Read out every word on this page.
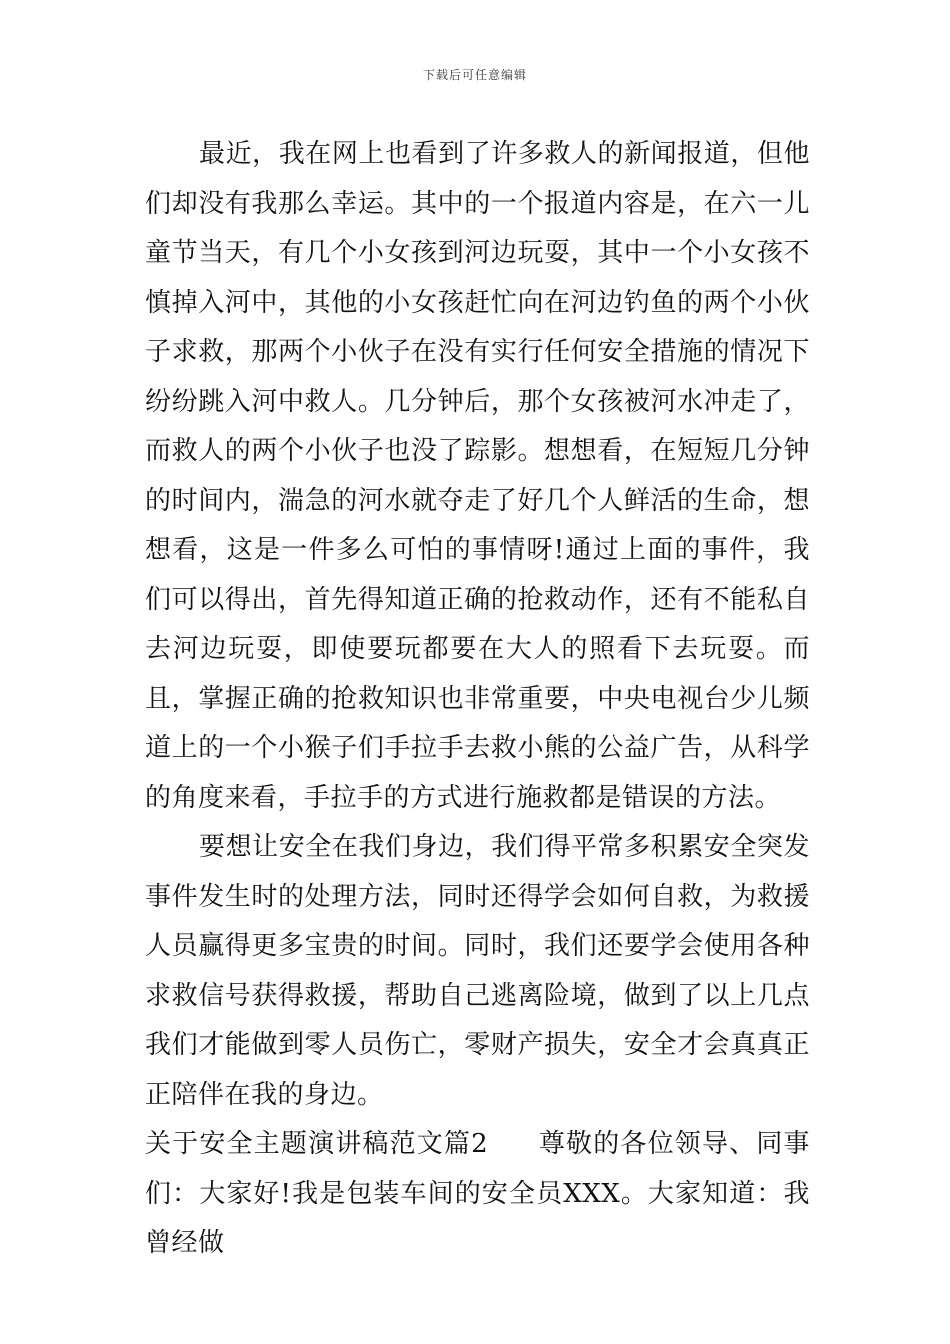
下载后可任意编辑

最近，我在网上也看到了许多救人的新闻报道，但他们却没有我那么幸运。其中的一个报道内容是，在六一儿童节当天，有几个小女孩到河边玩耍，其中一个小女孩不慎掉入河中，其他的小女孩赶忙向在河边钓鱼的两个小伙子求救，那两个小伙子在没有实行任何安全措施的情况下纷纷跳入河中救人。几分钟后，那个女孩被河水冲走了，而救人的两个小伙子也没了踪影。想想看，在短短几分钟的时间内，湍急的河水就夺走了好几个人鲜活的生命，想想看，这是一件多么可怕的事情呀!通过上面的事件，我们可以得出，首先得知道正确的抢救动作，还有不能私自去河边玩耍，即使要玩都要在大人的照看下去玩耍。而且，掌握正确的抢救知识也非常重要，中央电视台少儿频道上的一个小猴子们手拉手去救小熊的公益广告，从科学的角度来看，手拉手的方式进行施救都是错误的方法。

要想让安全在我们身边，我们得平常多积累安全突发事件发生时的处理方法，同时还得学会如何自救，为救援人员赢得更多宝贵的时间。同时，我们还要学会使用各种求救信号获得救援，帮助自己逃离险境，做到了以上几点我们才能做到零人员伤亡，零财产损失，安全才会真真正正陪伴在我的身边。

关于安全主题演讲稿范文篇2 尊敬的各位领导、同事们：大家好!我是包装车间的安全员XXX。大家知道：我曾经做
